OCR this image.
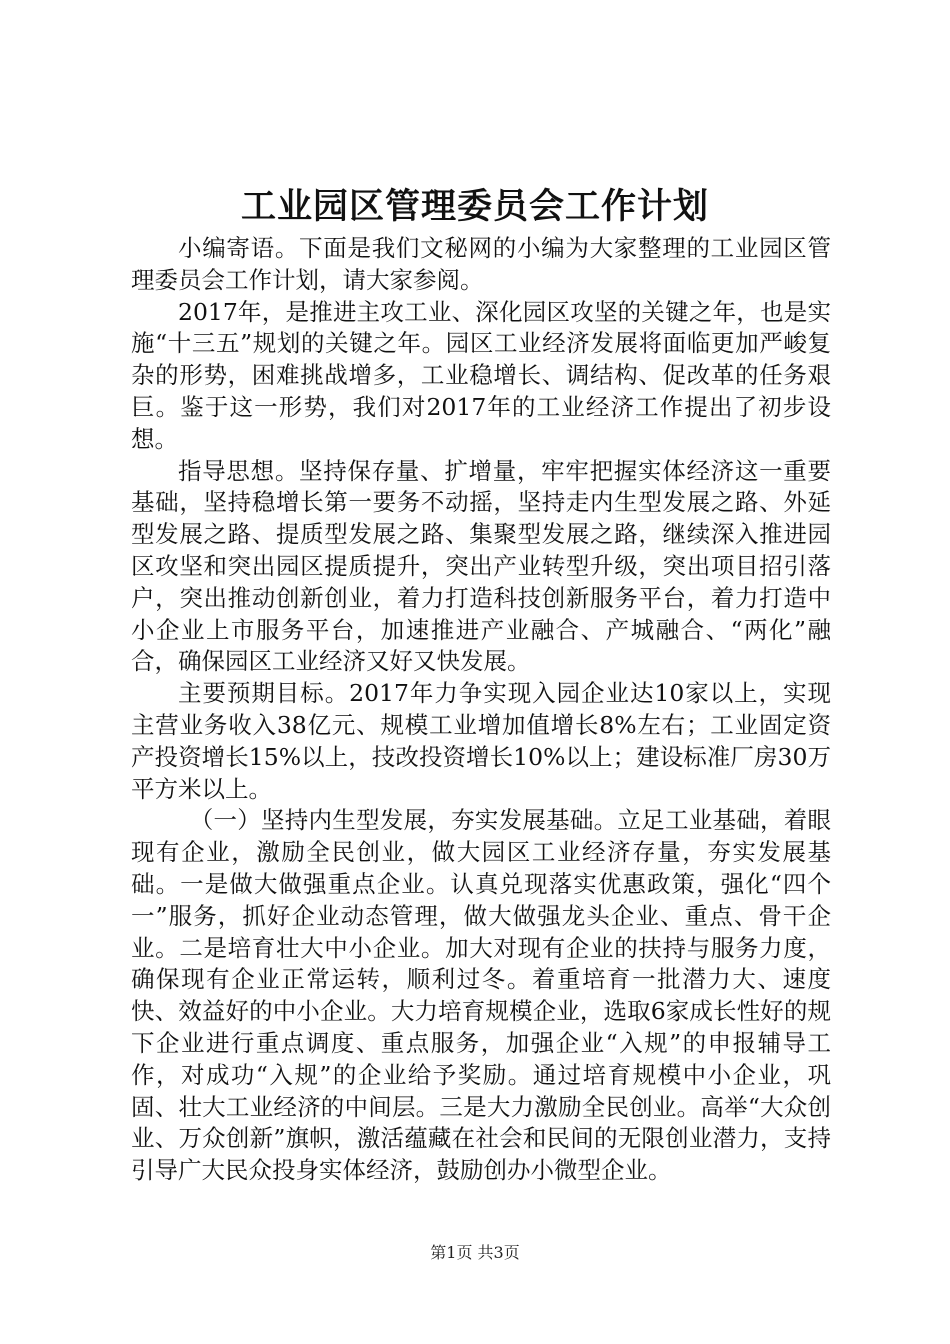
工业园区管理委员会工作计划

小编寄语。下面是我们文秘网的小编为大家整理的工业园区管理委员会工作计划，请大家参阅。

2017年，是推进主攻工业、深化园区攻坚的关键之年，也是实施“十三五”规划的关键之年。园区工业经济发展将面临更加严峻复杂的形势，困难挑战增多，工业稳增长、调结构、促改革的任务艰巨。鉴于这一形势，我们对2017年的工业经济工作提出了初步设想。

指导思想。坚持保存量、扩增量，牢牢把握实体经济这一重要基础，坚持稳增长第一要务不动摇，坚持走内生型发展之路、外延型发展之路、提质型发展之路、集聚型发展之路，继续深入推进园区攻坚和突出园区提质提升，突出产业转型升级，突出项目招引落户，突出推动创新创业，着力打造科技创新服务平台，着力打造中小企业上市服务平台，加速推进产业融合、产城融合、“两化”融合，确保园区工业经济又好又快发展。

主要预期目标。2017年力争实现入园企业达10家以上，实现主营业务收入38亿元、规模工业增加值增长8%左右；工业固定资产投资增长15%以上，技改投资增长10%以上；建设标准厂房30万平方米以上。

（一）坚持内生型发展，夯实发展基础。立足工业基础，着眼现有企业，激励全民创业，做大园区工业经济存量，夯实发展基础。一是做大做强重点企业。认真兑现落实优惠政策，强化“四个一”服务，抓好企业动态管理，做大做强龙头企业、重点、骨干企业。二是培育壮大中小企业。加大对现有企业的扶持与服务力度，确保现有企业正常运转，顺利过冬。着重培育一批潜力大、速度快、效益好的中小企业。大力培育规模企业，选取6家成长性好的规下企业进行重点调度、重点服务，加强企业“入规”的申报辅导工作，对成功“入规”的企业给予奖励。通过培育规模中小企业，巩固、壮大工业经济的中间层。三是大力激励全民创业。高举“大众创业、万众创新”旗帜，激活蕴藏在社会和民间的无限创业潜力，支持引导广大民众投身实体经济，鼓励创办小微型企业。

第1页 共3页
